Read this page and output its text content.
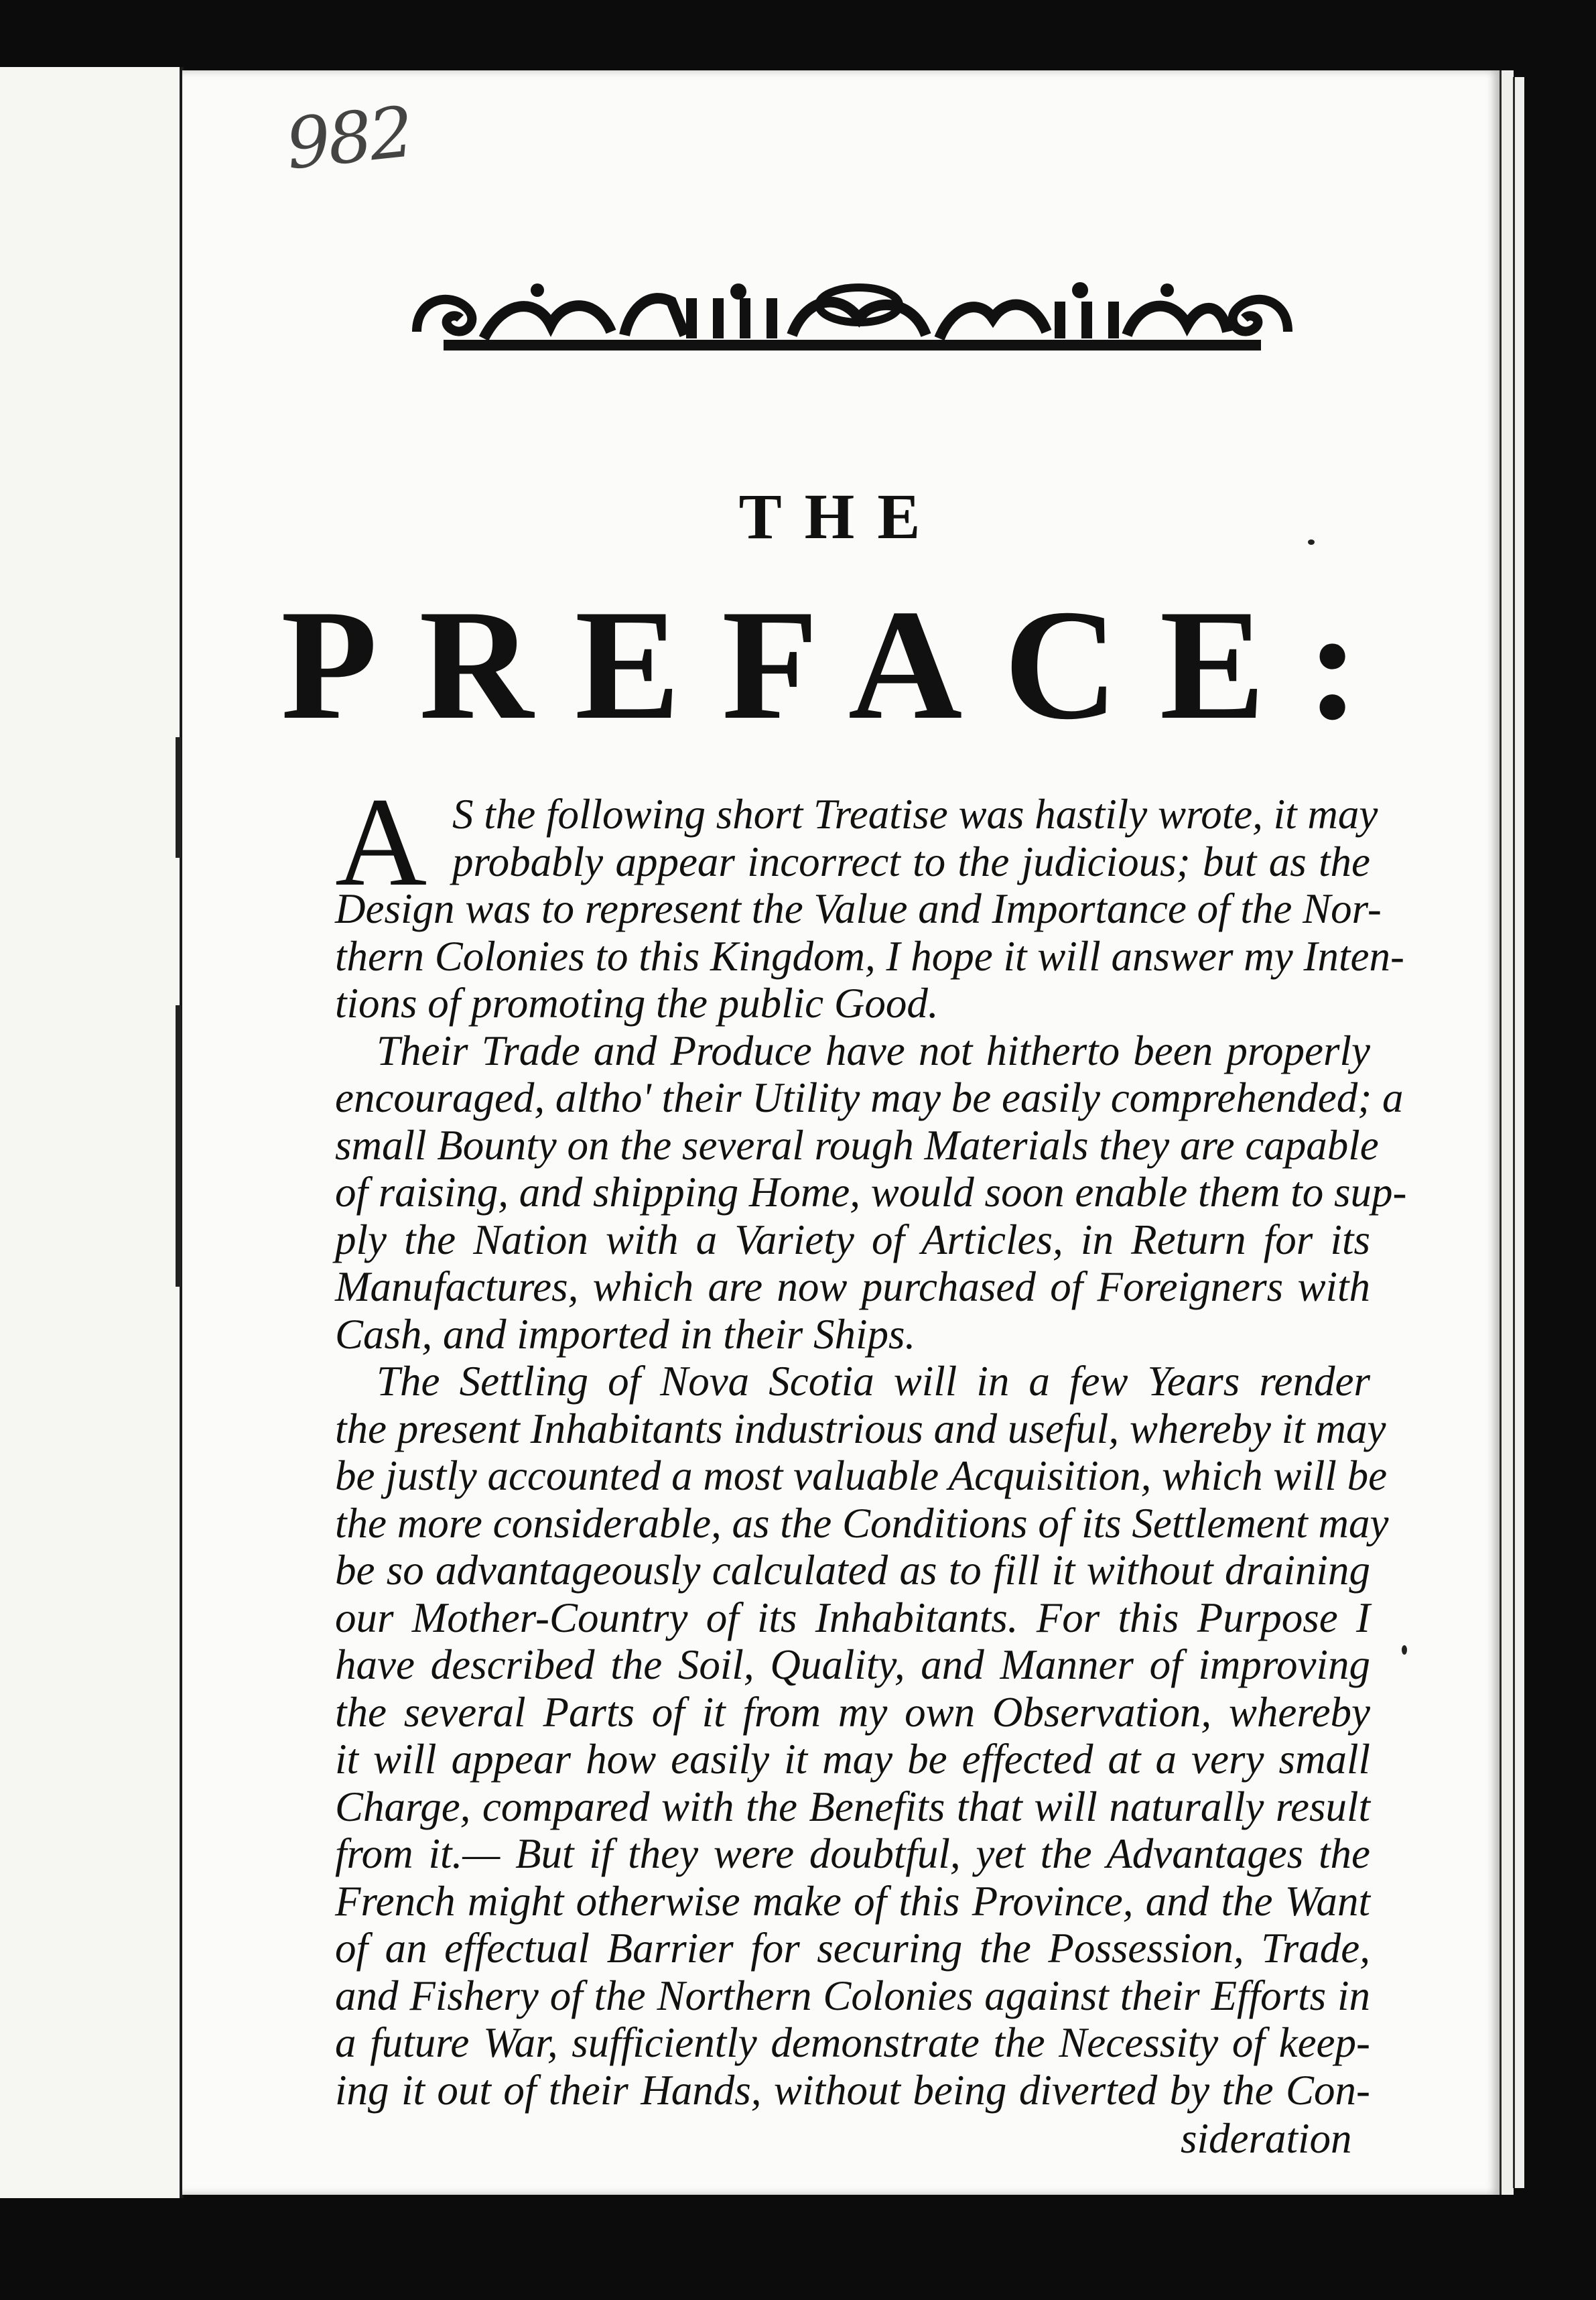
982
THE
PREFACE:
A S the following short Treatise was hastily wrote, it may
probably appear incorrect to the judicious; but as the
Design was to represent the Value and Importance of the Nor-
thern Colonies to this Kingdom, I hope it will answer my Inten-
tions of promoting the public Good.
Their Trade and Produce have not hitherto been properly
encouraged, altho' their Utility may be easily comprehended; a
small Bounty on the several rough Materials they are capable
of raising, and shipping Home, would soon enable them to sup-
ply the Nation with a Variety of Articles, in Return for its
Manufactures, which are now purchased of Foreigners with
Cash, and imported in their Ships.
The Settling of Nova Scotia will in a few Years render
the present Inhabitants industrious and useful, whereby it may
be justly accounted a most valuable Acquisition, which will be
the more considerable, as the Conditions of its Settlement may
be so advantageously calculated as to fill it without draining
our Mother-Country of its Inhabitants. For this Purpose I
have described the Soil, Quality, and Manner of improving
the several Parts of it from my own Observation, whereby
it will appear how easily it may be effected at a very small
Charge, compared with the Benefits that will naturally result
from it.— But if they were doubtful, yet the Advantages the
French might otherwise make of this Province, and the Want
of an effectual Barrier for securing the Possession, Trade,
and Fishery of the Northern Colonies against their Efforts in
a future War, sufficiently demonstrate the Necessity of keep-
ing it out of their Hands, without being diverted by the Con-
sideration
